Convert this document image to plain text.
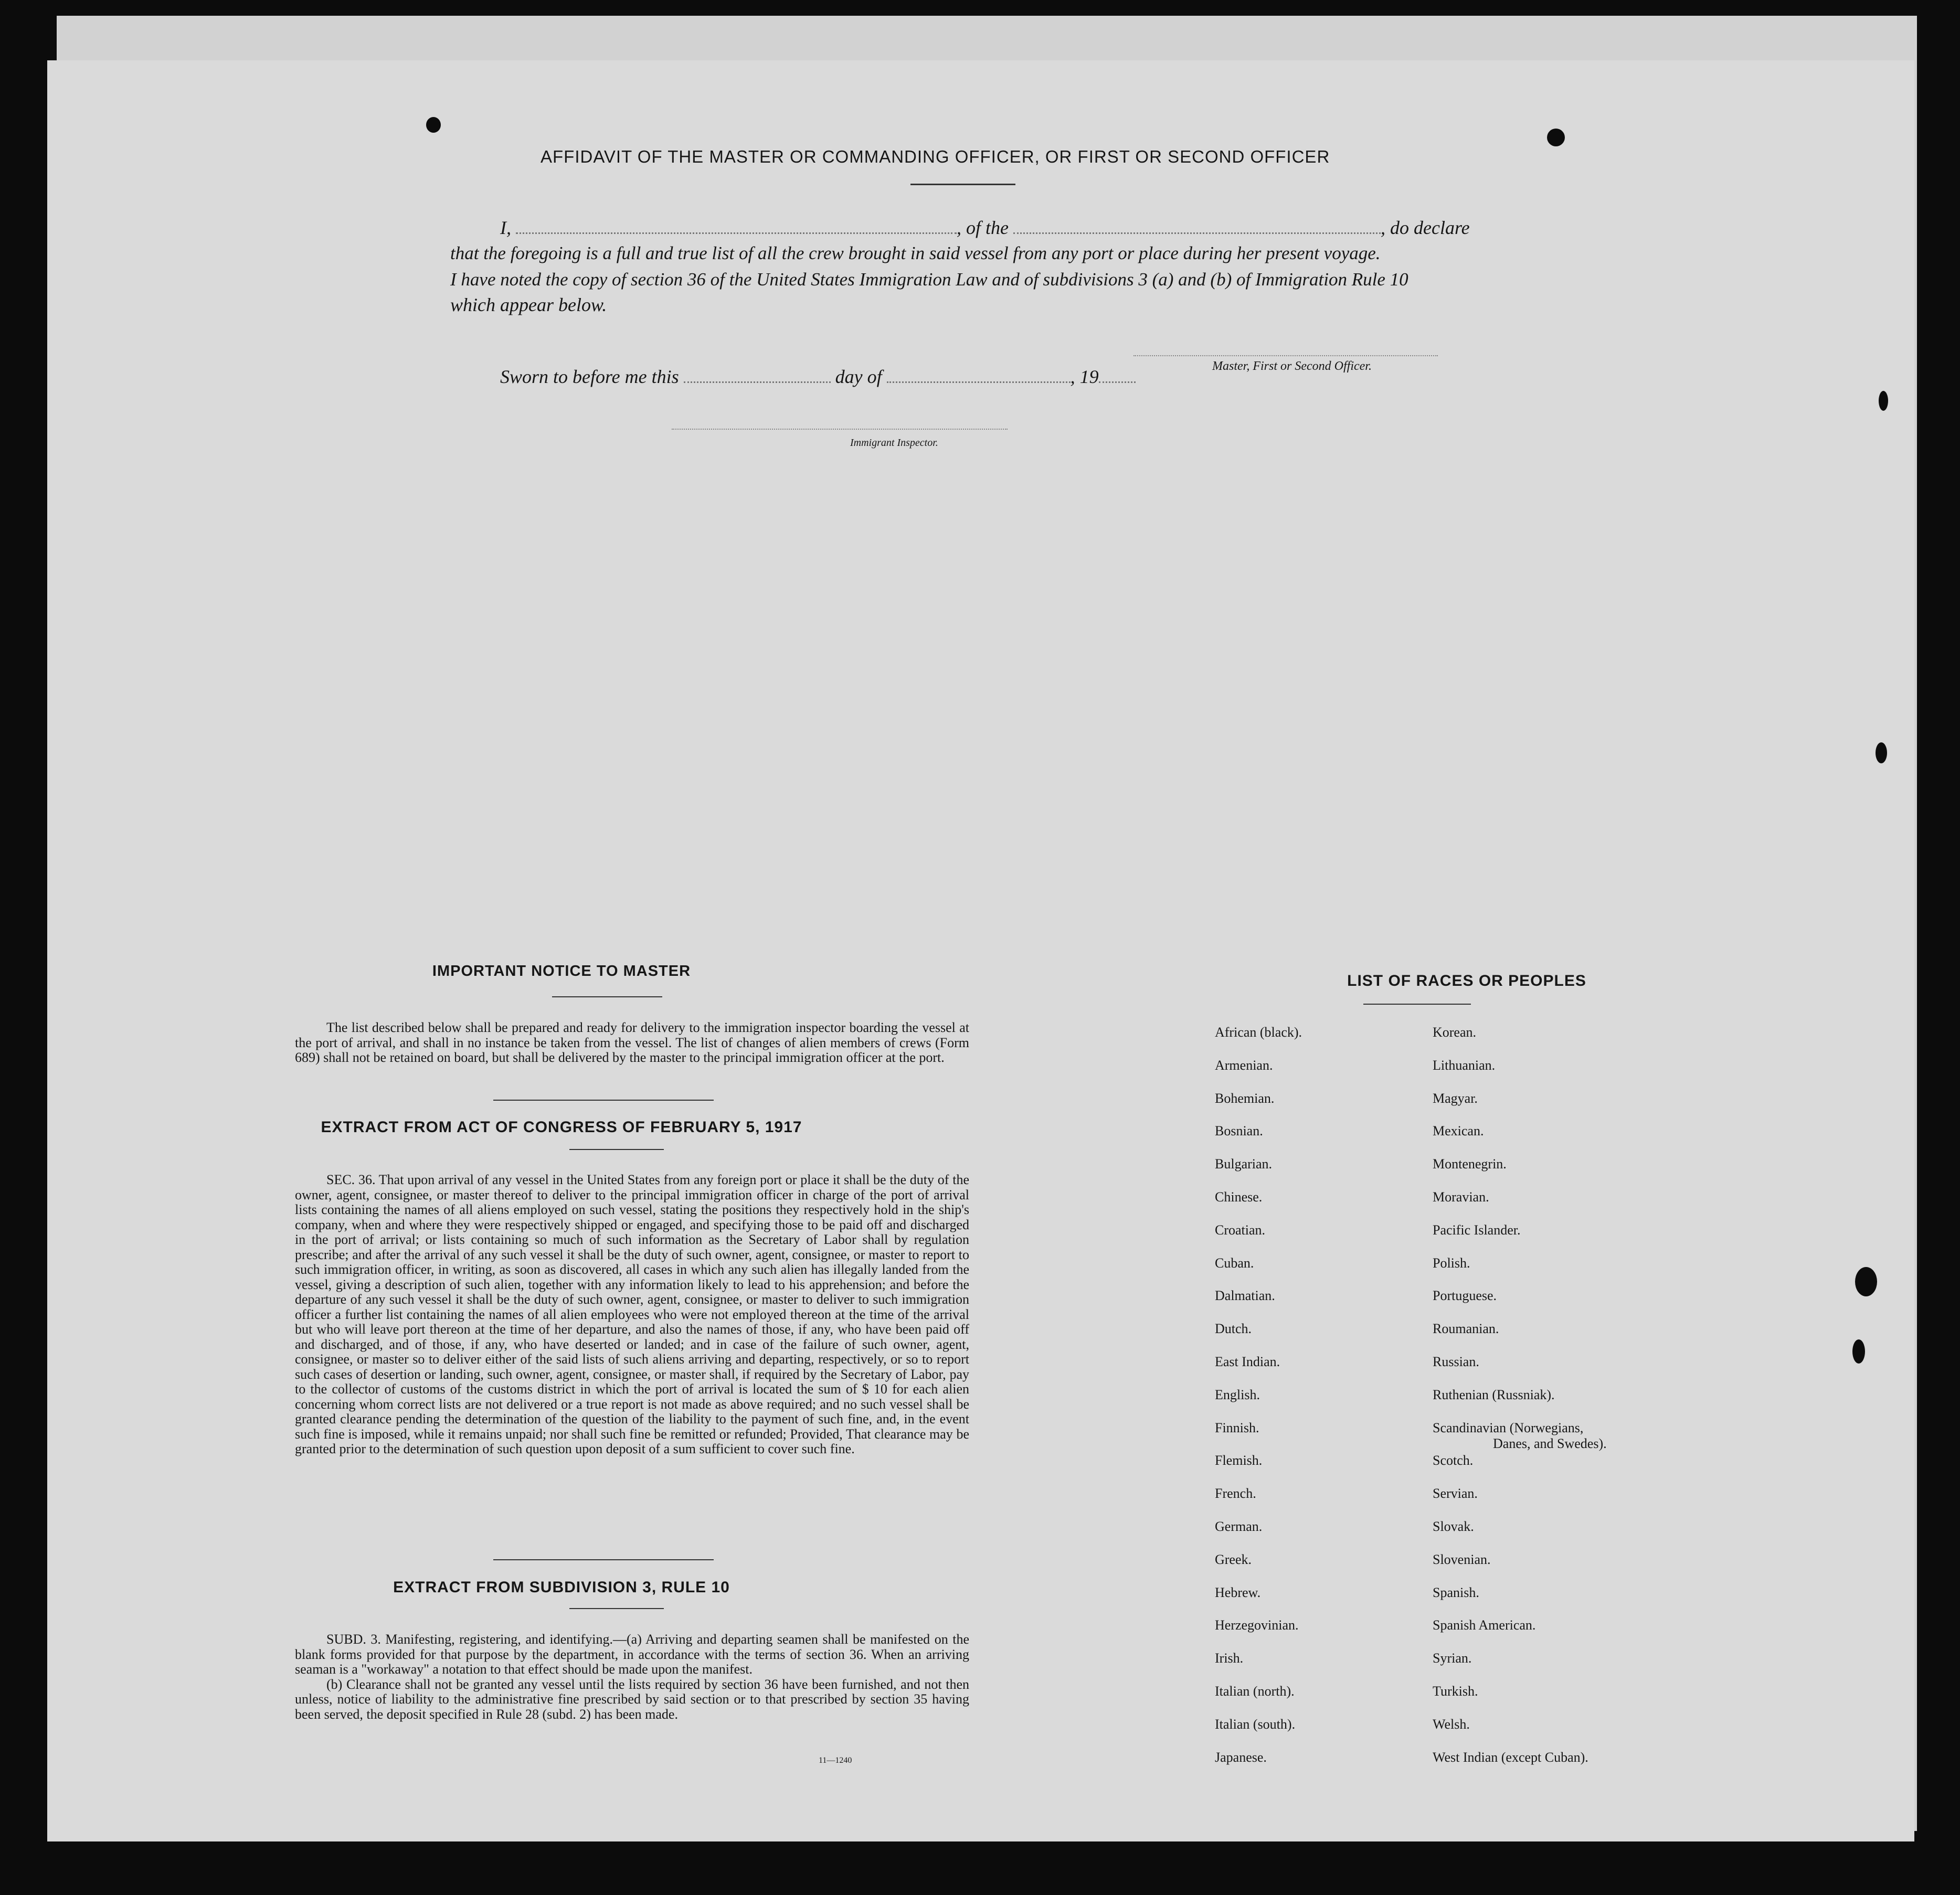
AFFIDAVIT OF THE MASTER OR COMMANDING OFFICER, OR FIRST OR SECOND OFFICER
I,	, of the	, do declare
that the foregoing is a full and true list of all the crew brought in said vessel from any port or place during her present voyage.
I have noted the copy of section 36 of the United States Immigration Law and of subdivisions 3 (a) and (b) of Immigration Rule 10
which appear below.
Master, First or Second Officer.
Sworn to before me this	day of	, 19
Immigrant Inspector.
IMPORTANT NOTICE TO MASTER

The list described below shall be prepared and ready for delivery to the immigration inspector boarding the vessel at the port of arrival, and shall in no instance be taken from the vessel. The list of changes of alien members of crews (Form 689) shall not be retained on board, but shall be delivered by the master to the principal immigration officer at the port.

EXTRACT FROM ACT OF CONGRESS OF FEBRUARY 5, 1917

SEC. 36. That upon arrival of any vessel in the United States from any foreign port or place it shall be the duty of the owner, agent, consignee, or master thereof to deliver to the principal immigration officer in charge of the port of arrival lists containing the names of all aliens employed on such vessel, stating the positions they respectively hold in the ship's company, when and where they were respectively shipped or engaged, and specifying those to be paid off and discharged in the port of arrival; or lists containing so much of such information as the Secretary of Labor shall by regulation prescribe; and after the arrival of any such vessel it shall be the duty of such owner, agent, consignee, or master to report to such immigration officer, in writing, as soon as discovered, all cases in which any such alien has illegally landed from the vessel, giving a description of such alien, together with any information likely to lead to his apprehension; and before the departure of any such vessel it shall be the duty of such owner, agent, consignee, or master to deliver to such immigration officer a further list containing the names of all alien employees who were not employed thereon at the time of the arrival but who will leave port thereon at the time of her departure, and also the names of those, if any, who have been paid off and discharged, and of those, if any, who have deserted or landed; and in case of the failure of such owner, agent, consignee, or master so to deliver either of the said lists of such aliens arriving and departing, respectively, or so to report such cases of desertion or landing, such owner, agent, consignee, or master shall, if required by the Secretary of Labor, pay to the collector of customs of the customs district in which the port of arrival is located the sum of $ 10 for each alien concerning whom correct lists are not delivered or a true report is not made as above required; and no such vessel shall be granted clearance pending the determination of the question of the liability to the payment of such fine, and, in the event such fine is imposed, while it remains unpaid; nor shall such fine be remitted or refunded; Provided, That clearance may be granted prior to the determination of such question upon deposit of a sum sufficient to cover such fine.

EXTRACT FROM SUBDIVISION 3, RULE 10

SUBD. 3. Manifesting, registering, and identifying.—(a) Arriving and departing seamen shall be manifested on the blank forms provided for that purpose by the department, in accordance with the terms of section 36. When an arriving seaman is a "workaway" a notation to that effect should be made upon the manifest.

(b) Clearance shall not be granted any vessel until the lists required by section 36 have been furnished, and not then unless, notice of liability to the administrative fine prescribed by said section or to that prescribed by section 35 having been served, the deposit specified in Rule 28 (subd. 2) has been made.

11—1240
LIST OF RACES OR PEOPLES
African (black).
Armenian.
Bohemian.
Bosnian.
Bulgarian.
Chinese.
Croatian.
Cuban.
Dalmatian.
Dutch.
East Indian.
English.
Finnish.
Flemish.
French.
German.
Greek.
Hebrew.
Herzegovinian.
Irish.
Italian (north).
Italian (south).
Japanese.
Korean.
Lithuanian.
Magyar.
Mexican.
Montenegrin.
Moravian.
Pacific Islander.
Polish.
Portuguese.
Roumanian.
Russian.
Ruthenian (Russniak).
Scandinavian (Norwegians,
Danes, and Swedes).
Scotch.
Servian.
Slovak.
Slovenian.
Spanish.
Spanish American.
Syrian.
Turkish.
Welsh.
West Indian (except Cuban).
